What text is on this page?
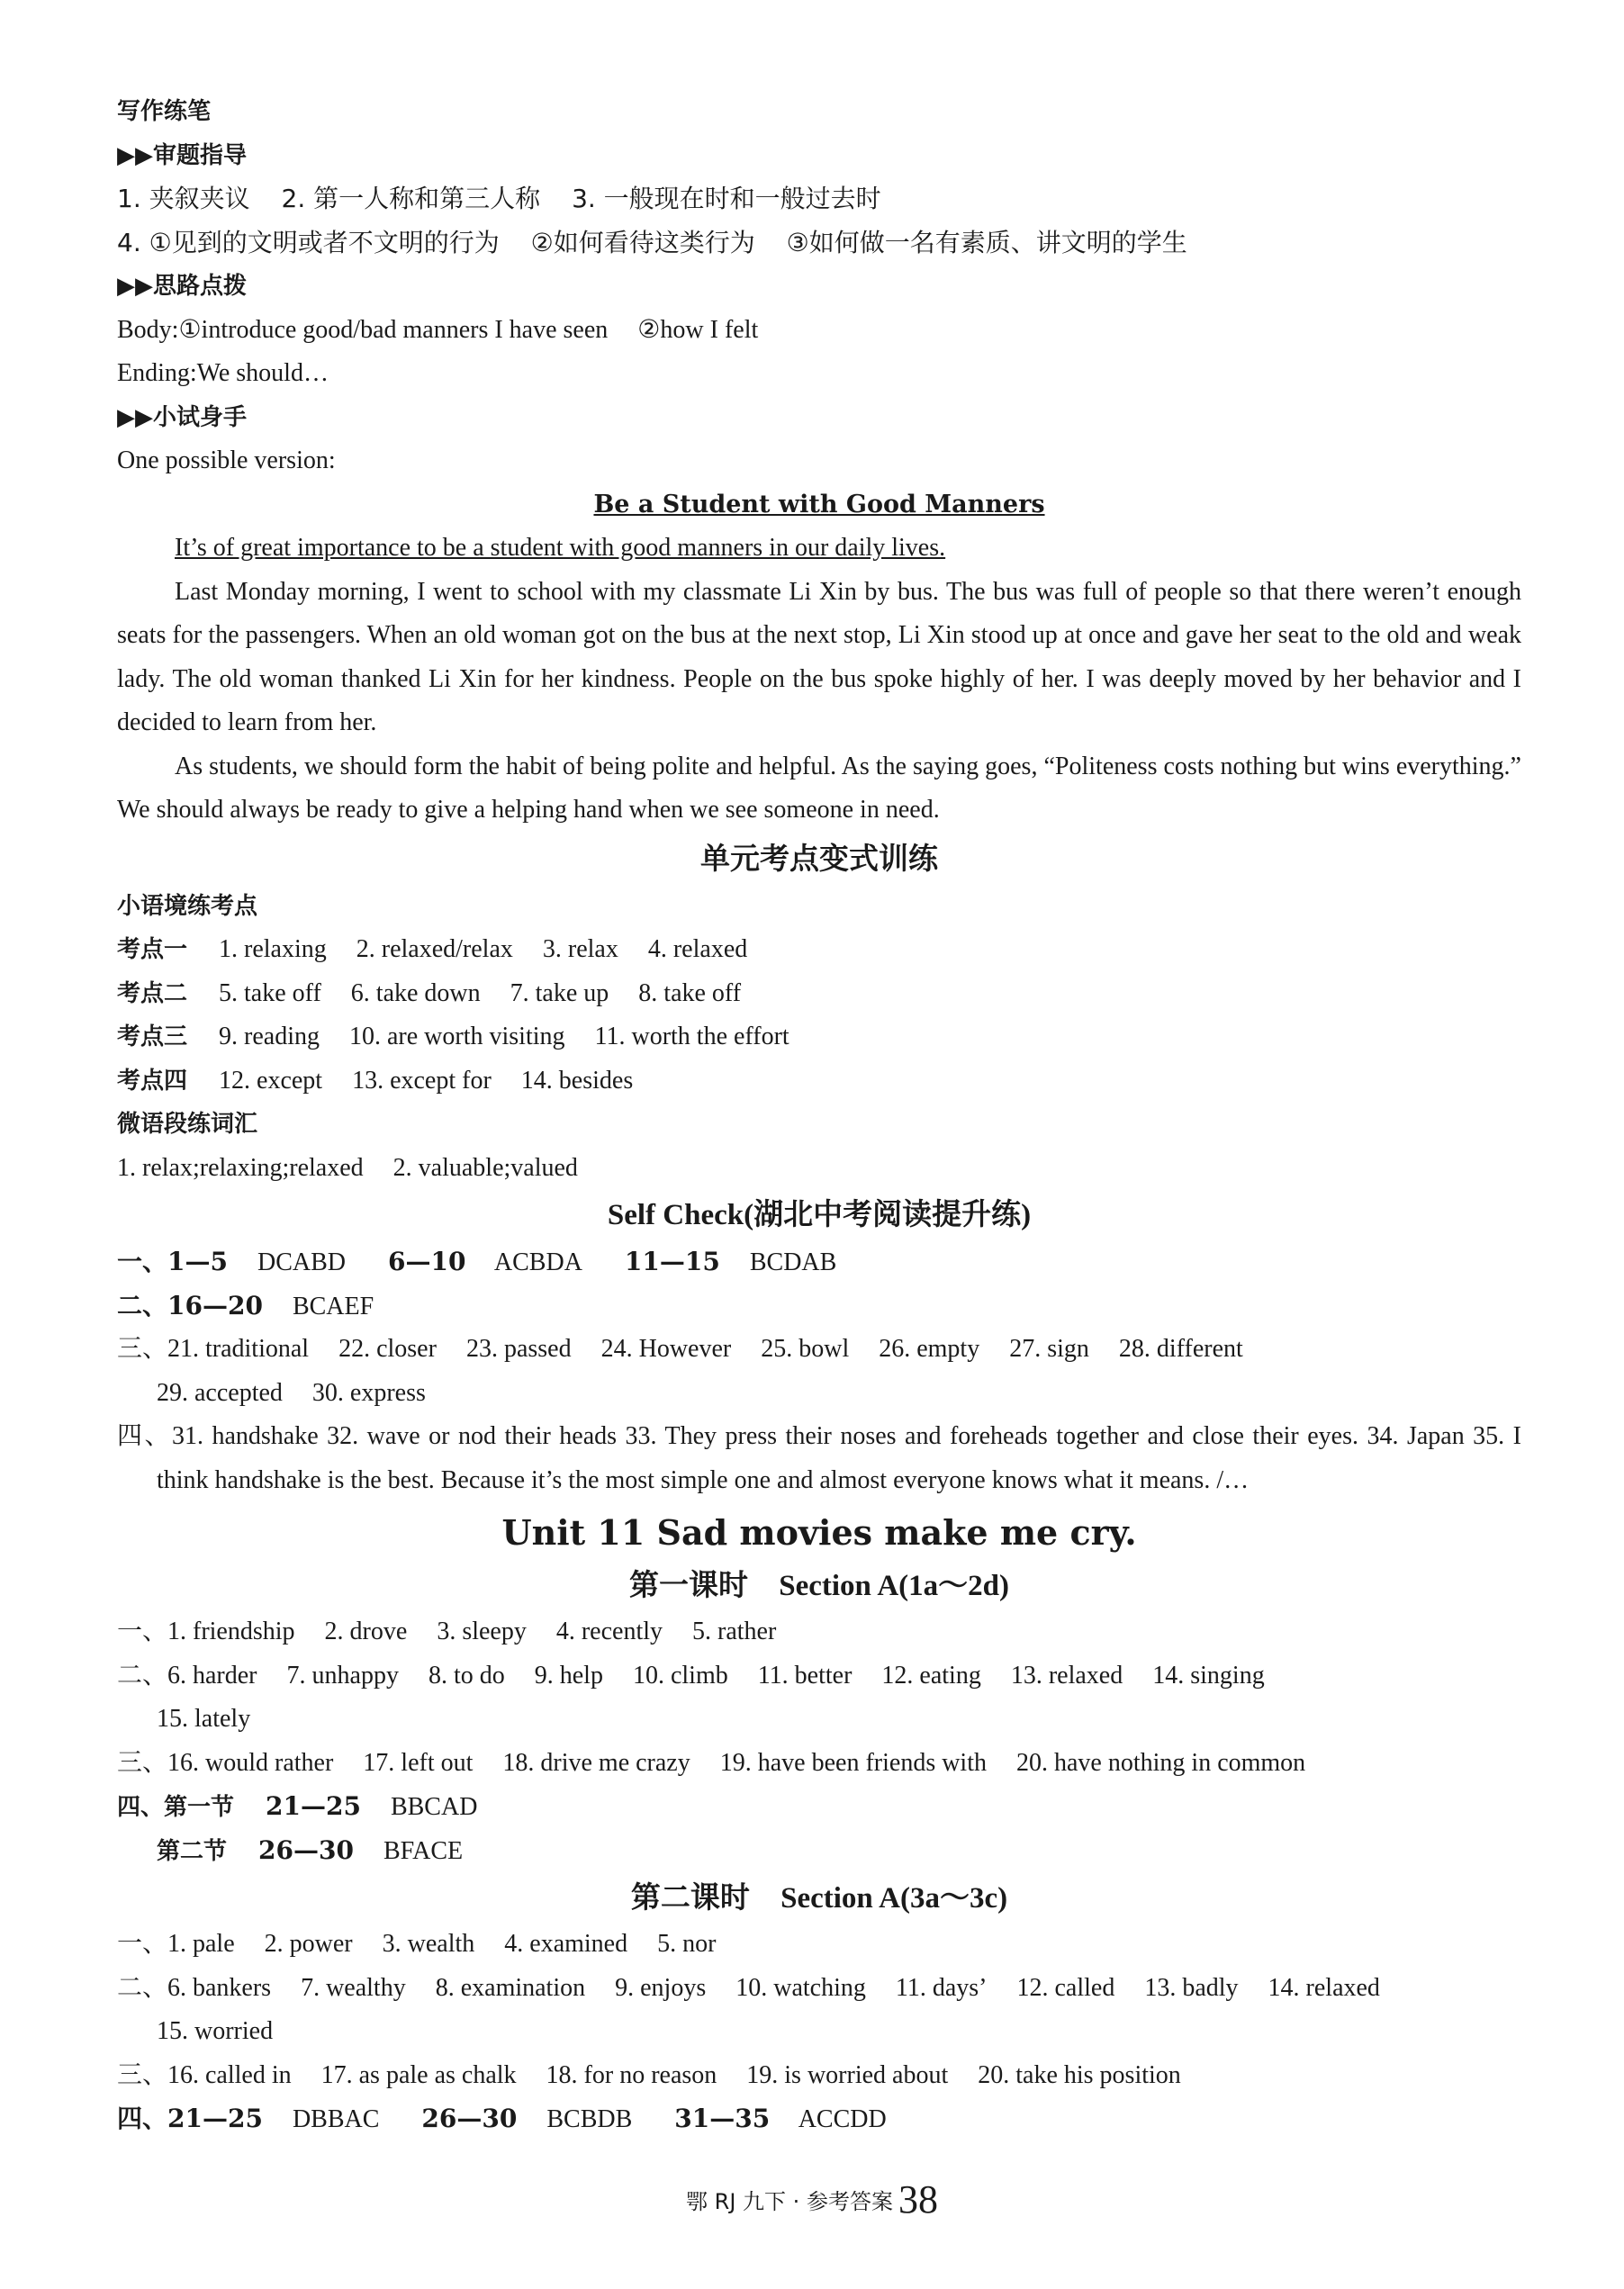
写作练笔
▶▶审题指导
1. 夹叙夹议 2. 第一人称和第三人称 3. 一般现在时和一般过去时
4. ①见到的文明或者不文明的行为 ②如何看待这类行为 ③如何做一名有素质、讲文明的学生
▶▶思路点拨
Body:①introduce good/bad manners I have seen ②how I felt
Ending:We should…
▶▶小试身手
One possible version:
Be a Student with Good Manners
It’s of great importance to be a student with good manners in our daily lives.

Last Monday morning, I went to school with my classmate Li Xin by bus. The bus was full of people so that there weren’t enough seats for the passengers. When an old woman got on the bus at the next stop, Li Xin stood up at once and gave her seat to the old and weak lady. The old woman thanked Li Xin for her kindness. People on the bus spoke highly of her. I was deeply moved by her behavior and I decided to learn from her.

As students, we should form the habit of being polite and helpful. As the saying goes, “Politeness costs nothing but wins everything.” We should always be ready to give a helping hand when we see someone in need.

单元考点变式训练
小语境练考点
考点一 1. relaxing 2. relaxed/relax 3. relax 4. relaxed
考点二 5. take off 6. take down 7. take up 8. take off
考点三 9. reading 10. are worth visiting 11. worth the effort
考点四 12. except 13. except for 14. besides
微语段练词汇
1. relax;relaxing;relaxed 2. valuable;valued
Self Check(湖北中考阅读提升练)
一、1—5 DCABD 6—10 ACBDA 11—15 BCDAB
二、16—20 BCAEF
三、21. traditional 22. closer 23. passed 24. However 25. bowl 26. empty 27. sign 28. different
29. accepted 30. express
四、31. handshake 32. wave or nod their heads 33. They press their noses and foreheads together and close their eyes. 34. Japan 35. I think handshake is the best. Because it’s the most simple one and almost everyone knows what it means. /…
Unit 11 Sad movies make me cry.
第一课时 Section A(1a～2d)
一、1. friendship 2. drove 3. sleepy 4. recently 5. rather
二、6. harder 7. unhappy 8. to do 9. help 10. climb 11. better 12. eating 13. relaxed 14. singing
15. lately
三、16. would rather 17. left out 18. drive me crazy 19. have been friends with 20. have nothing in common
四、第一节 21—25 BBCAD
第二节 26—30 BFACE
第二课时 Section A(3a～3c)
一、1. pale 2. power 3. wealth 4. examined 5. nor
二、6. bankers 7. wealthy 8. examination 9. enjoys 10. watching 11. days’ 12. called 13. badly 14. relaxed
15. worried
三、16. called in 17. as pale as chalk 18. for no reason 19. is worried about 20. take his position
四、21—25 DBBAC 26—30 BCBDB 31—35 ACCDD
鄂 RJ 九下 · 参考答案 38
